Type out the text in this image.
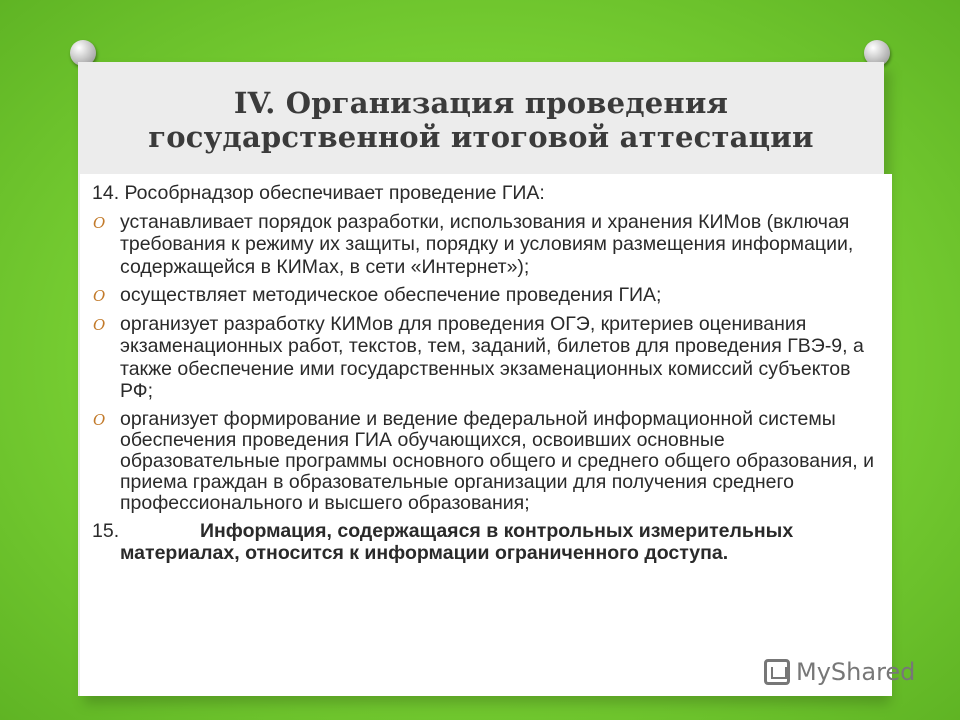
IV. Организация проведения
государственной итоговой аттестации

14. Рособрнадзор обеспечивает проведение ГИА:

O устанавливает порядок разработки, использования и хранения КИМов (включая требования к режиму их защиты, порядку и условиям размещения информации, содержащейся в КИМах, в сети «Интернет»);
O осуществляет методическое обеспечение проведения ГИА;
O организует разработку КИМов для проведения ОГЭ, критериев оценивания экзаменационных работ, текстов, тем, заданий, билетов для проведения ГВЭ-9, а также обеспечение ими государственных экзаменационных комиссий субъектов РФ;
O организует формирование и ведение федеральной информационной системы обеспечения проведения ГИА обучающихся, освоивших основные образовательные программы основного общего и среднего общего образования, и приема граждан в образовательные организации для получения среднего профессионального и высшего образования;
15.	Информация, содержащаяся в контрольных измерительных материалах, относится к информации ограниченного доступа.
MyShared
